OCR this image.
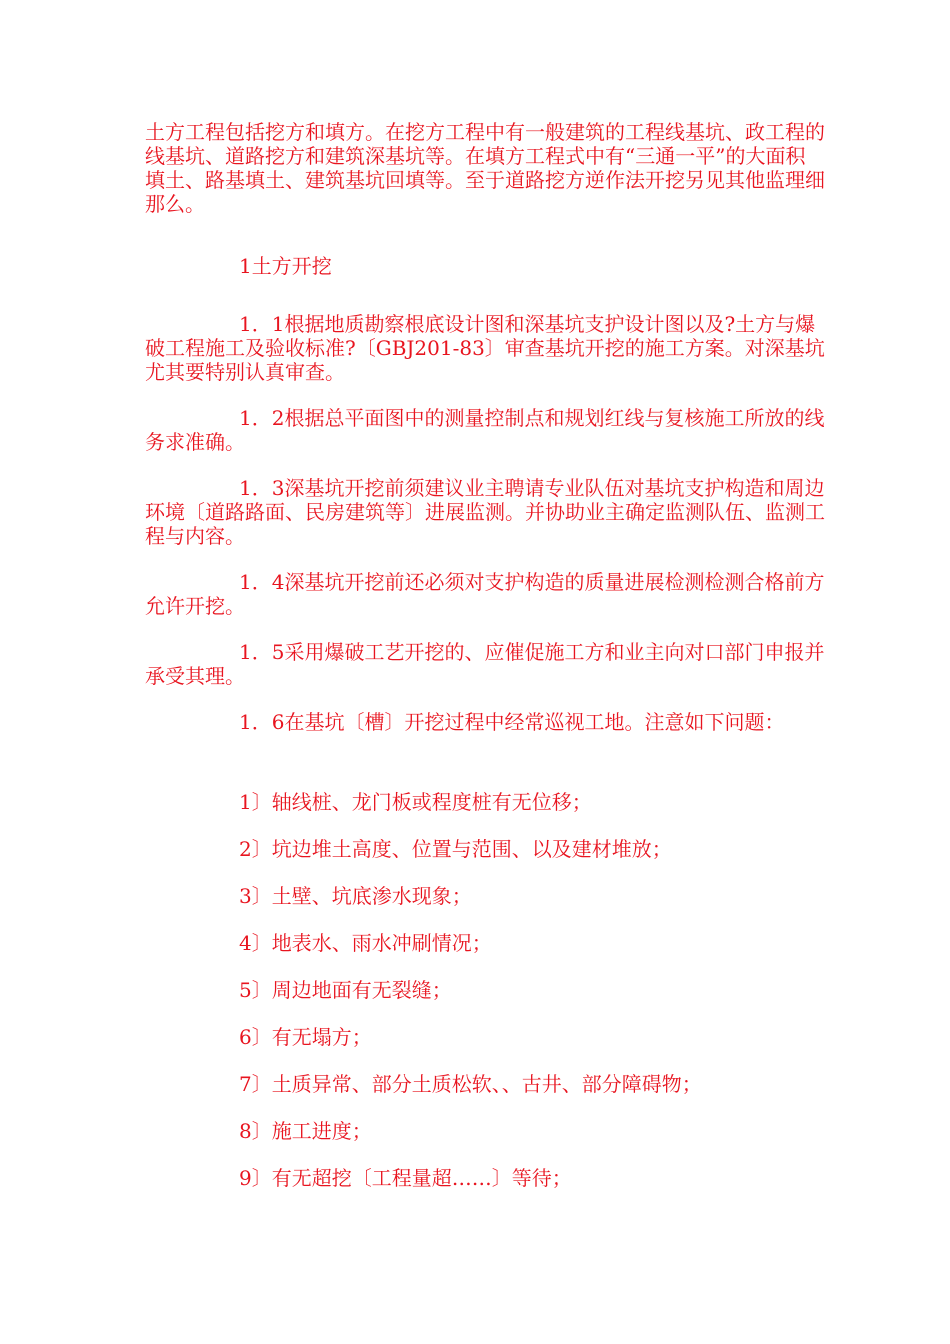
土方工程包括挖方和填方。在挖方工程中有一般建筑的工程线基坑、政工程的线基坑、道路挖方和建筑深基坑等。在填方工程式中有“三通一平”的大面积填土、路基填土、建筑基坑回填等。至于道路挖方逆作法开挖另见其他监理细那么。

1土方开挖

1．1根据地质勘察根底设计图和深基坑支护设计图以及?土方与爆破工程施工及验收标准?〔GBJ201-83〕审查基坑开挖的施工方案。对深基坑尤其要特别认真审查。

1．2根据总平面图中的测量控制点和规划红线与复核施工所放的线务求准确。

1．3深基坑开挖前须建议业主聘请专业队伍对基坑支护构造和周边环境〔道路路面、民房建筑等〕进展监测。并协助业主确定监测队伍、监测工程与内容。

1．4深基坑开挖前还必须对支护构造的质量进展检测检测合格前方允许开挖。

1．5采用爆破工艺开挖的、应催促施工方和业主向对口部门申报并承受其理。

1．6在基坑〔槽〕开挖过程中经常巡视工地。注意如下问题：

1〕轴线桩、龙门板或程度桩有无位移；
2〕坑边堆土高度、位置与范围、以及建材堆放；
3〕土壁、坑底渗水现象；
4〕地表水、雨水冲刷情况；
5〕周边地面有无裂缝；
6〕有无塌方；
7〕土质异常、部分土质松软、、古井、部分障碍物；
8〕施工进度；
9〕有无超挖〔工程量超……〕等待；
